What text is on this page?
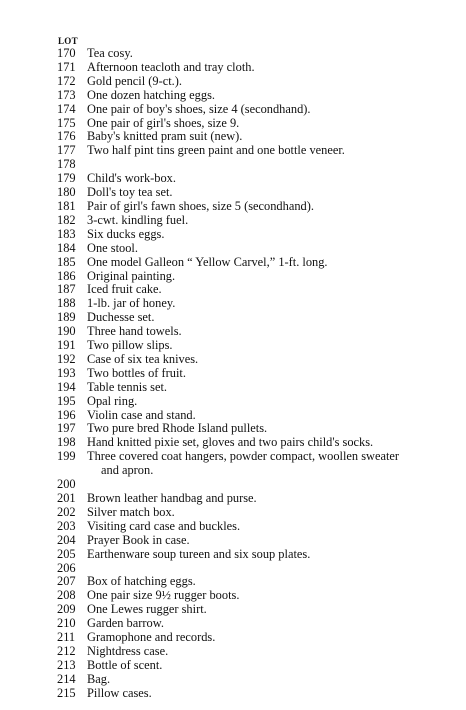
LOT
170 Tea cosy.
171 Afternoon teacloth and tray cloth.
172 Gold pencil (9-ct.).
173 One dozen hatching eggs.
174 One pair of boy's shoes, size 4 (secondhand).
175 One pair of girl's shoes, size 9.
176 Baby's knitted pram suit (new).
177 Two half pint tins green paint and one bottle veneer.
178
179 Child's work-box.
180 Doll's toy tea set.
181 Pair of girl's fawn shoes, size 5 (secondhand).
182 3-cwt. kindling fuel.
183 Six ducks eggs.
184 One stool.
185 One model Galleon “ Yellow Carvel,” 1-ft. long.
186 Original painting.
187 Iced fruit cake.
188 1-lb. jar of honey.
189 Duchesse set.
190 Three hand towels.
191 Two pillow slips.
192 Case of six tea knives.
193 Two bottles of fruit.
194 Table tennis set.
195 Opal ring.
196 Violin case and stand.
197 Two pure bred Rhode Island pullets.
198 Hand knitted pixie set, gloves and two pairs child's socks.
199 Three covered coat hangers, powder compact, woollen sweater
and apron.
200
201 Brown leather handbag and purse.
202 Silver match box.
203 Visiting card case and buckles.
204 Prayer Book in case.
205 Earthenware soup tureen and six soup plates.
206
207 Box of hatching eggs.
208 One pair size 9½ rugger boots.
209 One Lewes rugger shirt.
210 Garden barrow.
211 Gramophone and records.
212 Nightdress case.
213 Bottle of scent.
214 Bag.
215 Pillow cases.
